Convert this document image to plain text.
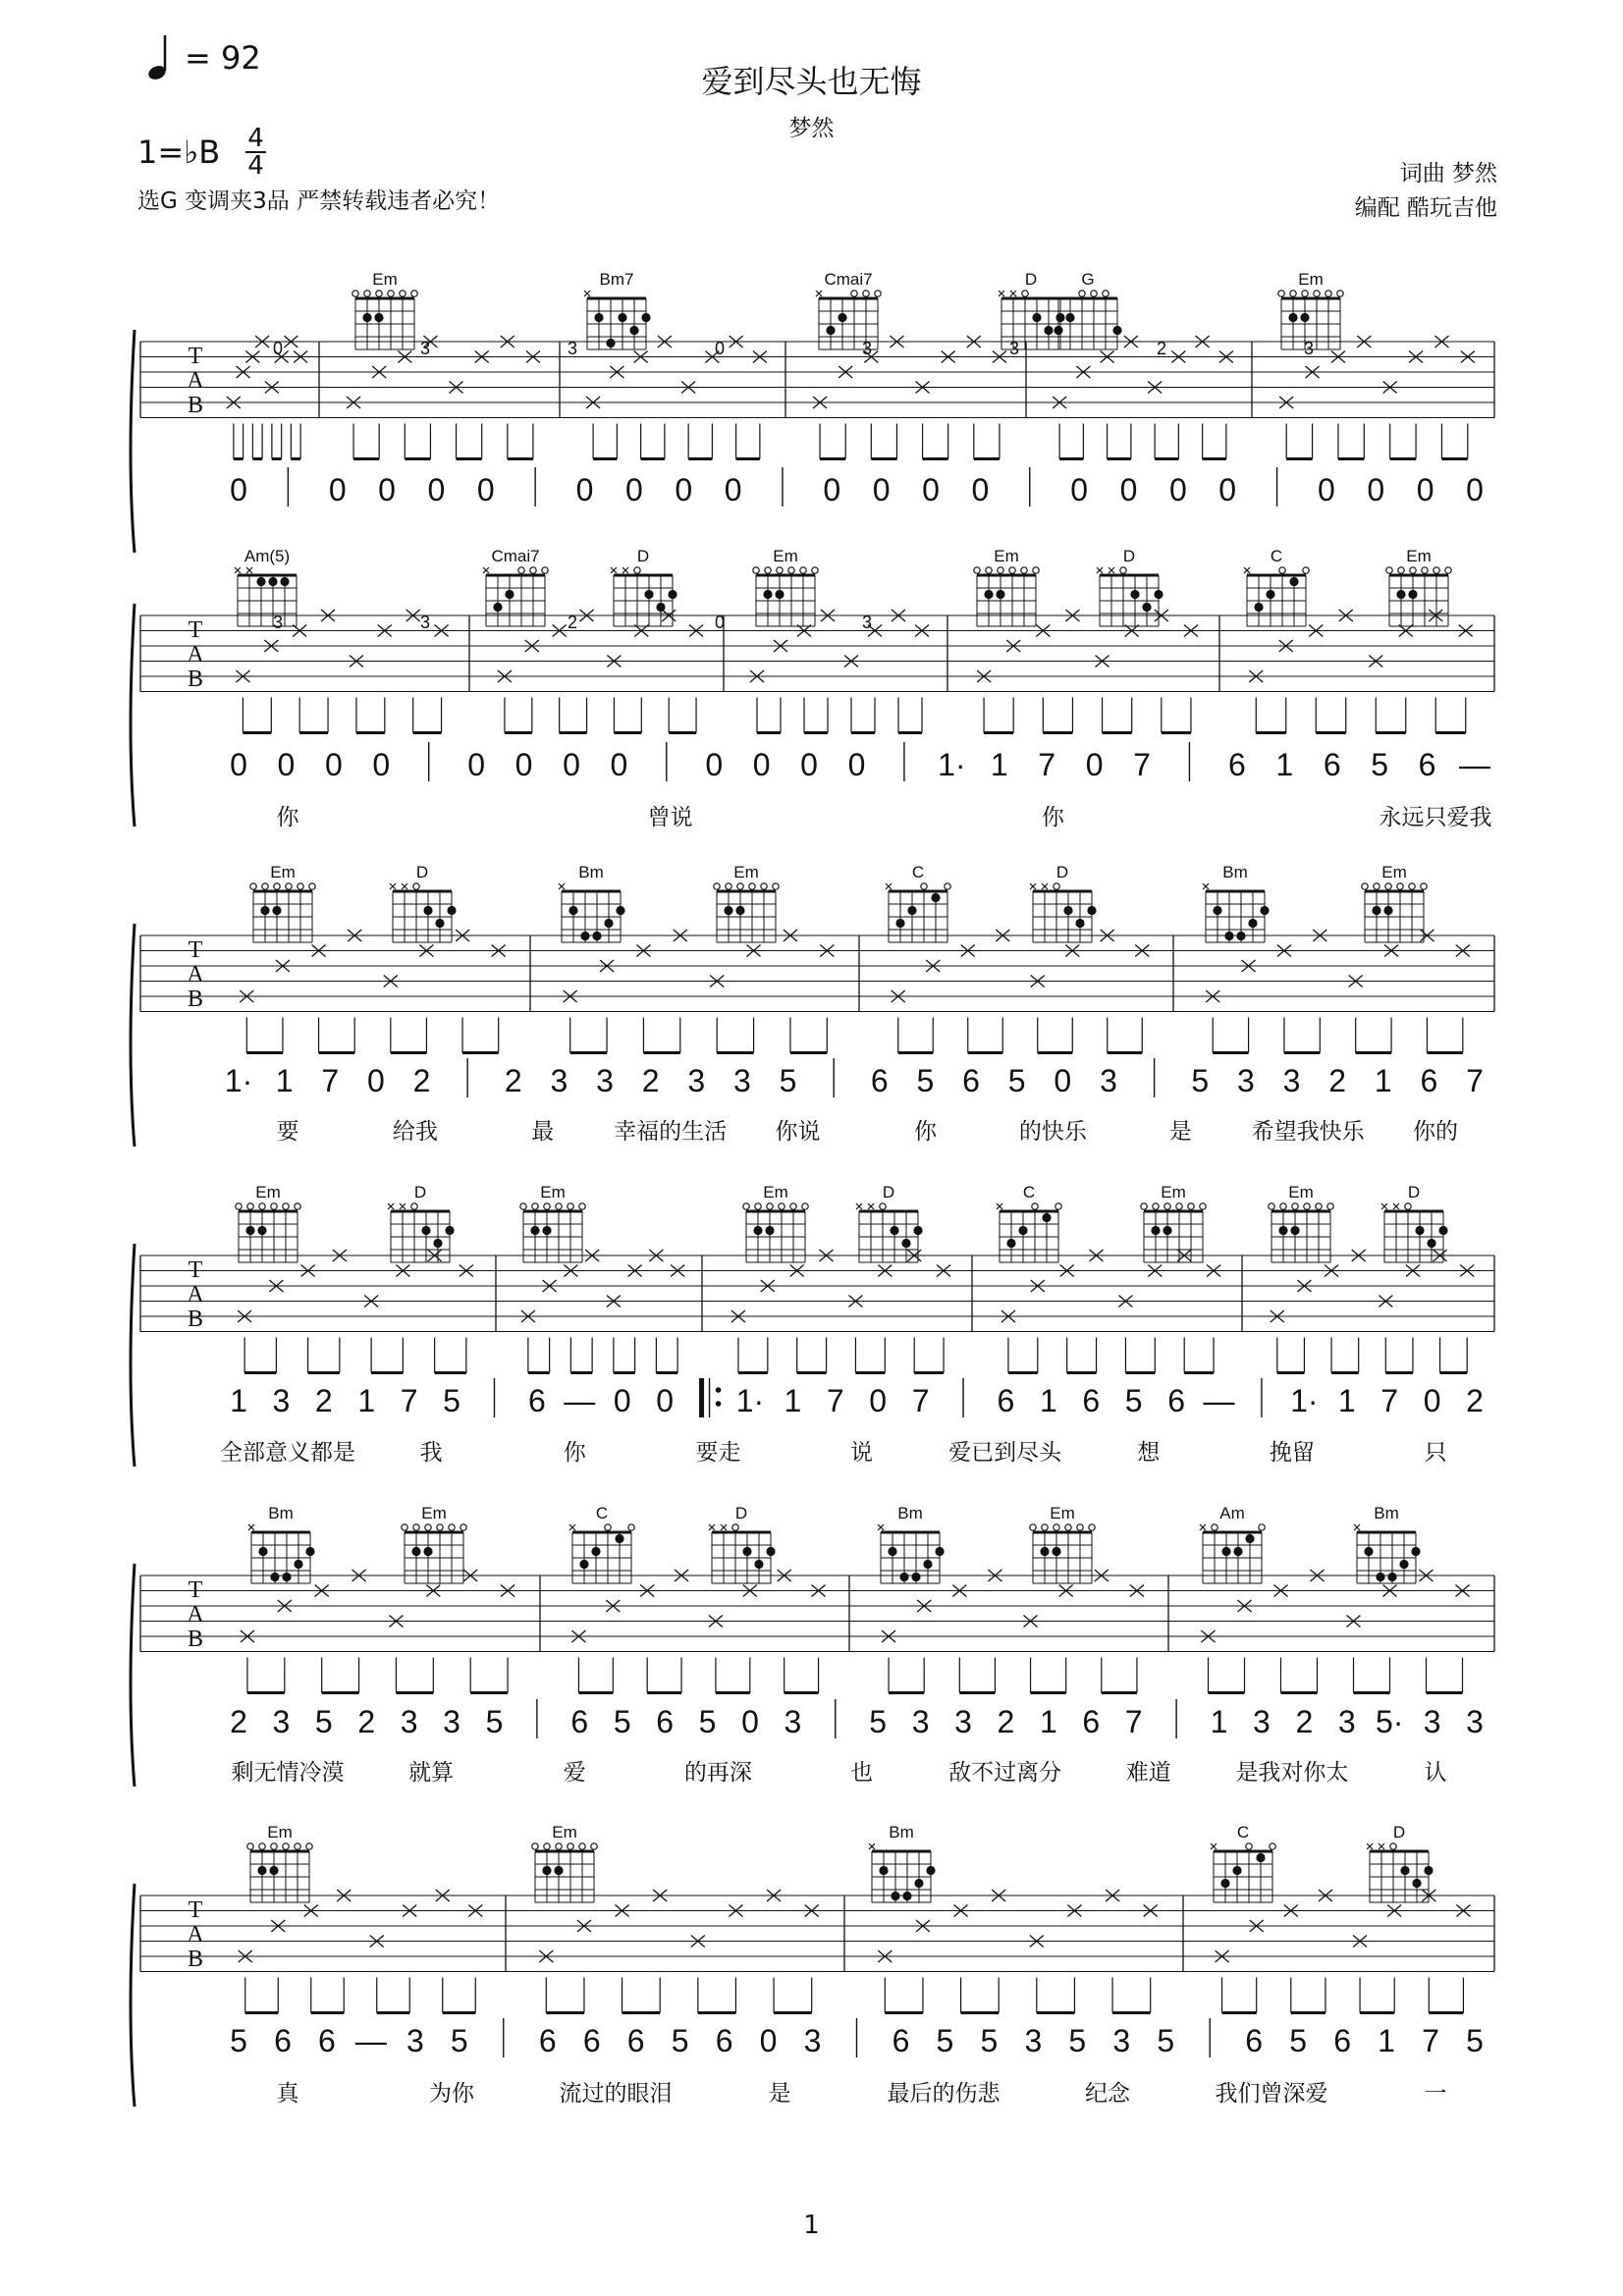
= 92
爱到尽头也无悔
梦然
1=♭B 4
4
选G 变调夹3品 严禁转载违者必究！
词曲 梦然
编配 酷玩吉他
T
A
B
Em	Bm7	Cmai7	D	G	Em
0	3	3	0	3	3	2	3
0	0 0 0 0	0 0 0 0	0 0 0 0	0 0 0 0	0 0 0 0
T
A
B
Am(5)	Cmai7	D	Em	Em	D	C	Em
3	3	2	0	3
0 0 0 0 0 0 0 0 0 0 0 0 1· 1 7 0 7 6 1 6 5 6 —
你	曾说	你	永远只爱我
T
A
B
Em	D	Bm	Em	C	D	Bm	Em
1· 1 7 0 2 2 3 3 2 3 3 5 6 5 6 5 0 3 5 3 3 2 1 6 7
要	给我	最	幸福的生活 你说	你	的快乐	是	希望我快乐 你的
T
A
B
Em	D	Em	Em	D	C	Em	Em	D
1 3 2 1 7 5 6 — 0 0 1· 1 7 0 7 6 1 6 5 6 — 1· 1 7 0 2
全部意义都是	我	你	要走	说	爱已到尽头	想	挽留	只
T
A
B
Bm	Em	C	D	Bm	Em	Am	Bm
2 3 5 2 3 3 5 6 5 6 5 0 3 5 3 3 2 1 6 7 1 3 2 3 5· 3 3
剩无情冷漠	就算	爱	的再深	也	敌不过离分	难道	是我对你太	认
T
A
B
Em	Em	Bm	C	D
5 6 6 — 3 5 6 6 6 5 6 0 3 6 5 5 3 5 3 5 6 5 6 1 7 5
真	为你	流过的眼泪	是	最后的伤悲	纪念	我们曾深爱	一
1
